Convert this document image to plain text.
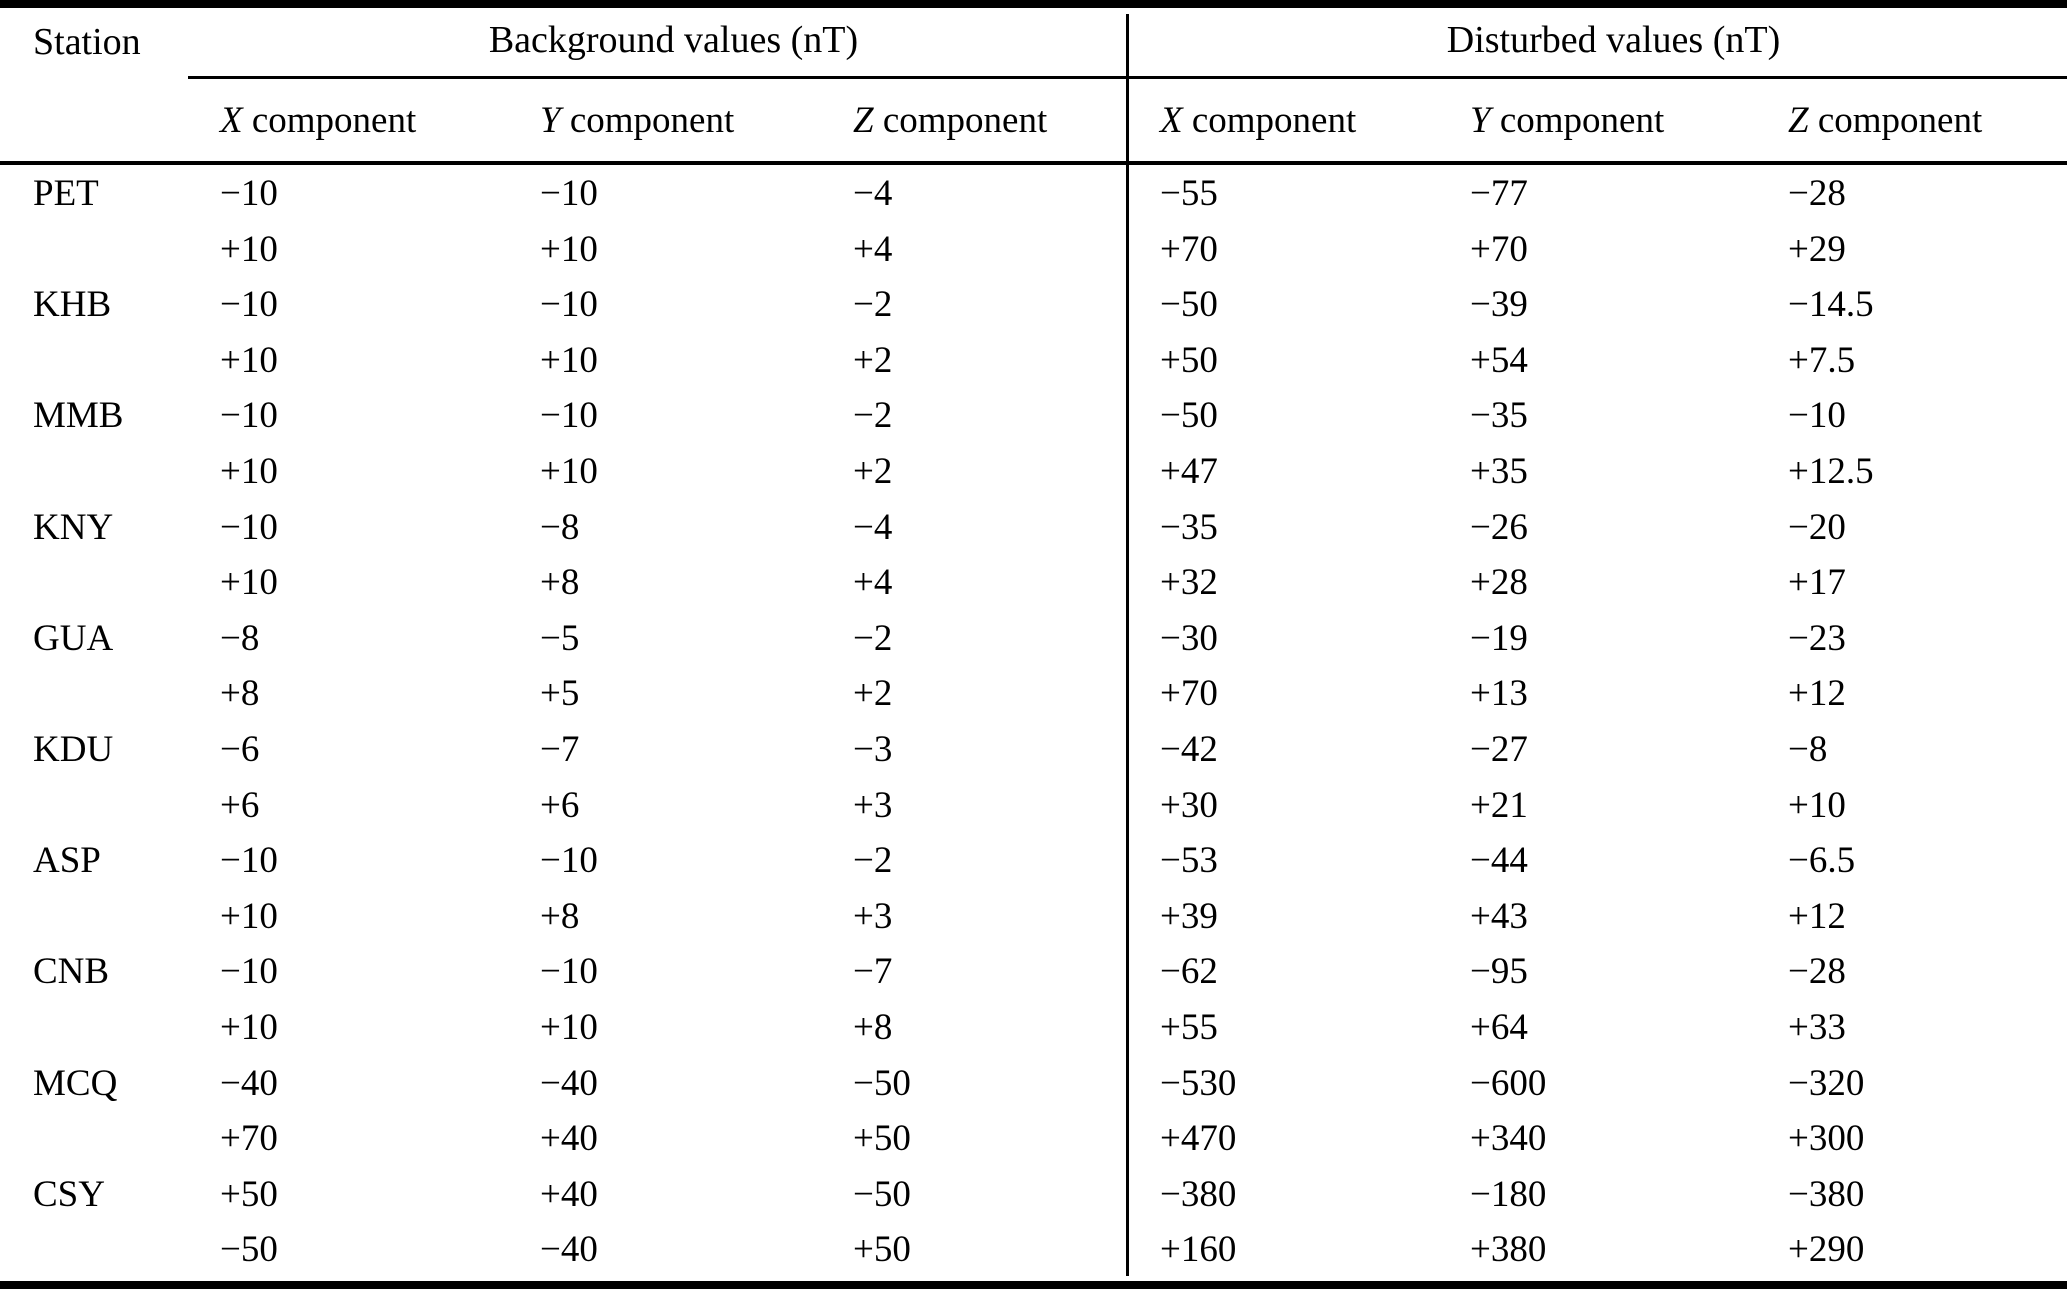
Station	Background values (nT)	Disturbed values (nT)
X component	Y component	Z component	X component	Y component	Z component
PET	−10	−10	−4	−55	−77	−28
+10	+10	+4	+70	+70	+29
KHB	−10	−10	−2	−50	−39	−14.5
+10	+10	+2	+50	+54	+7.5
MMB	−10	−10	−2	−50	−35	−10
+10	+10	+2	+47	+35	+12.5
KNY	−10	−8	−4	−35	−26	−20
+10	+8	+4	+32	+28	+17
GUA	−8	−5	−2	−30	−19	−23
+8	+5	+2	+70	+13	+12
KDU	−6	−7	−3	−42	−27	−8
+6	+6	+3	+30	+21	+10
ASP	−10	−10	−2	−53	−44	−6.5
+10	+8	+3	+39	+43	+12
CNB	−10	−10	−7	−62	−95	−28
+10	+10	+8	+55	+64	+33
MCQ	−40	−40	−50	−530	−600	−320
+70	+40	+50	+470	+340	+300
CSY	+50	+40	−50	−380	−180	−380
−50	−40	+50	+160	+380	+290
